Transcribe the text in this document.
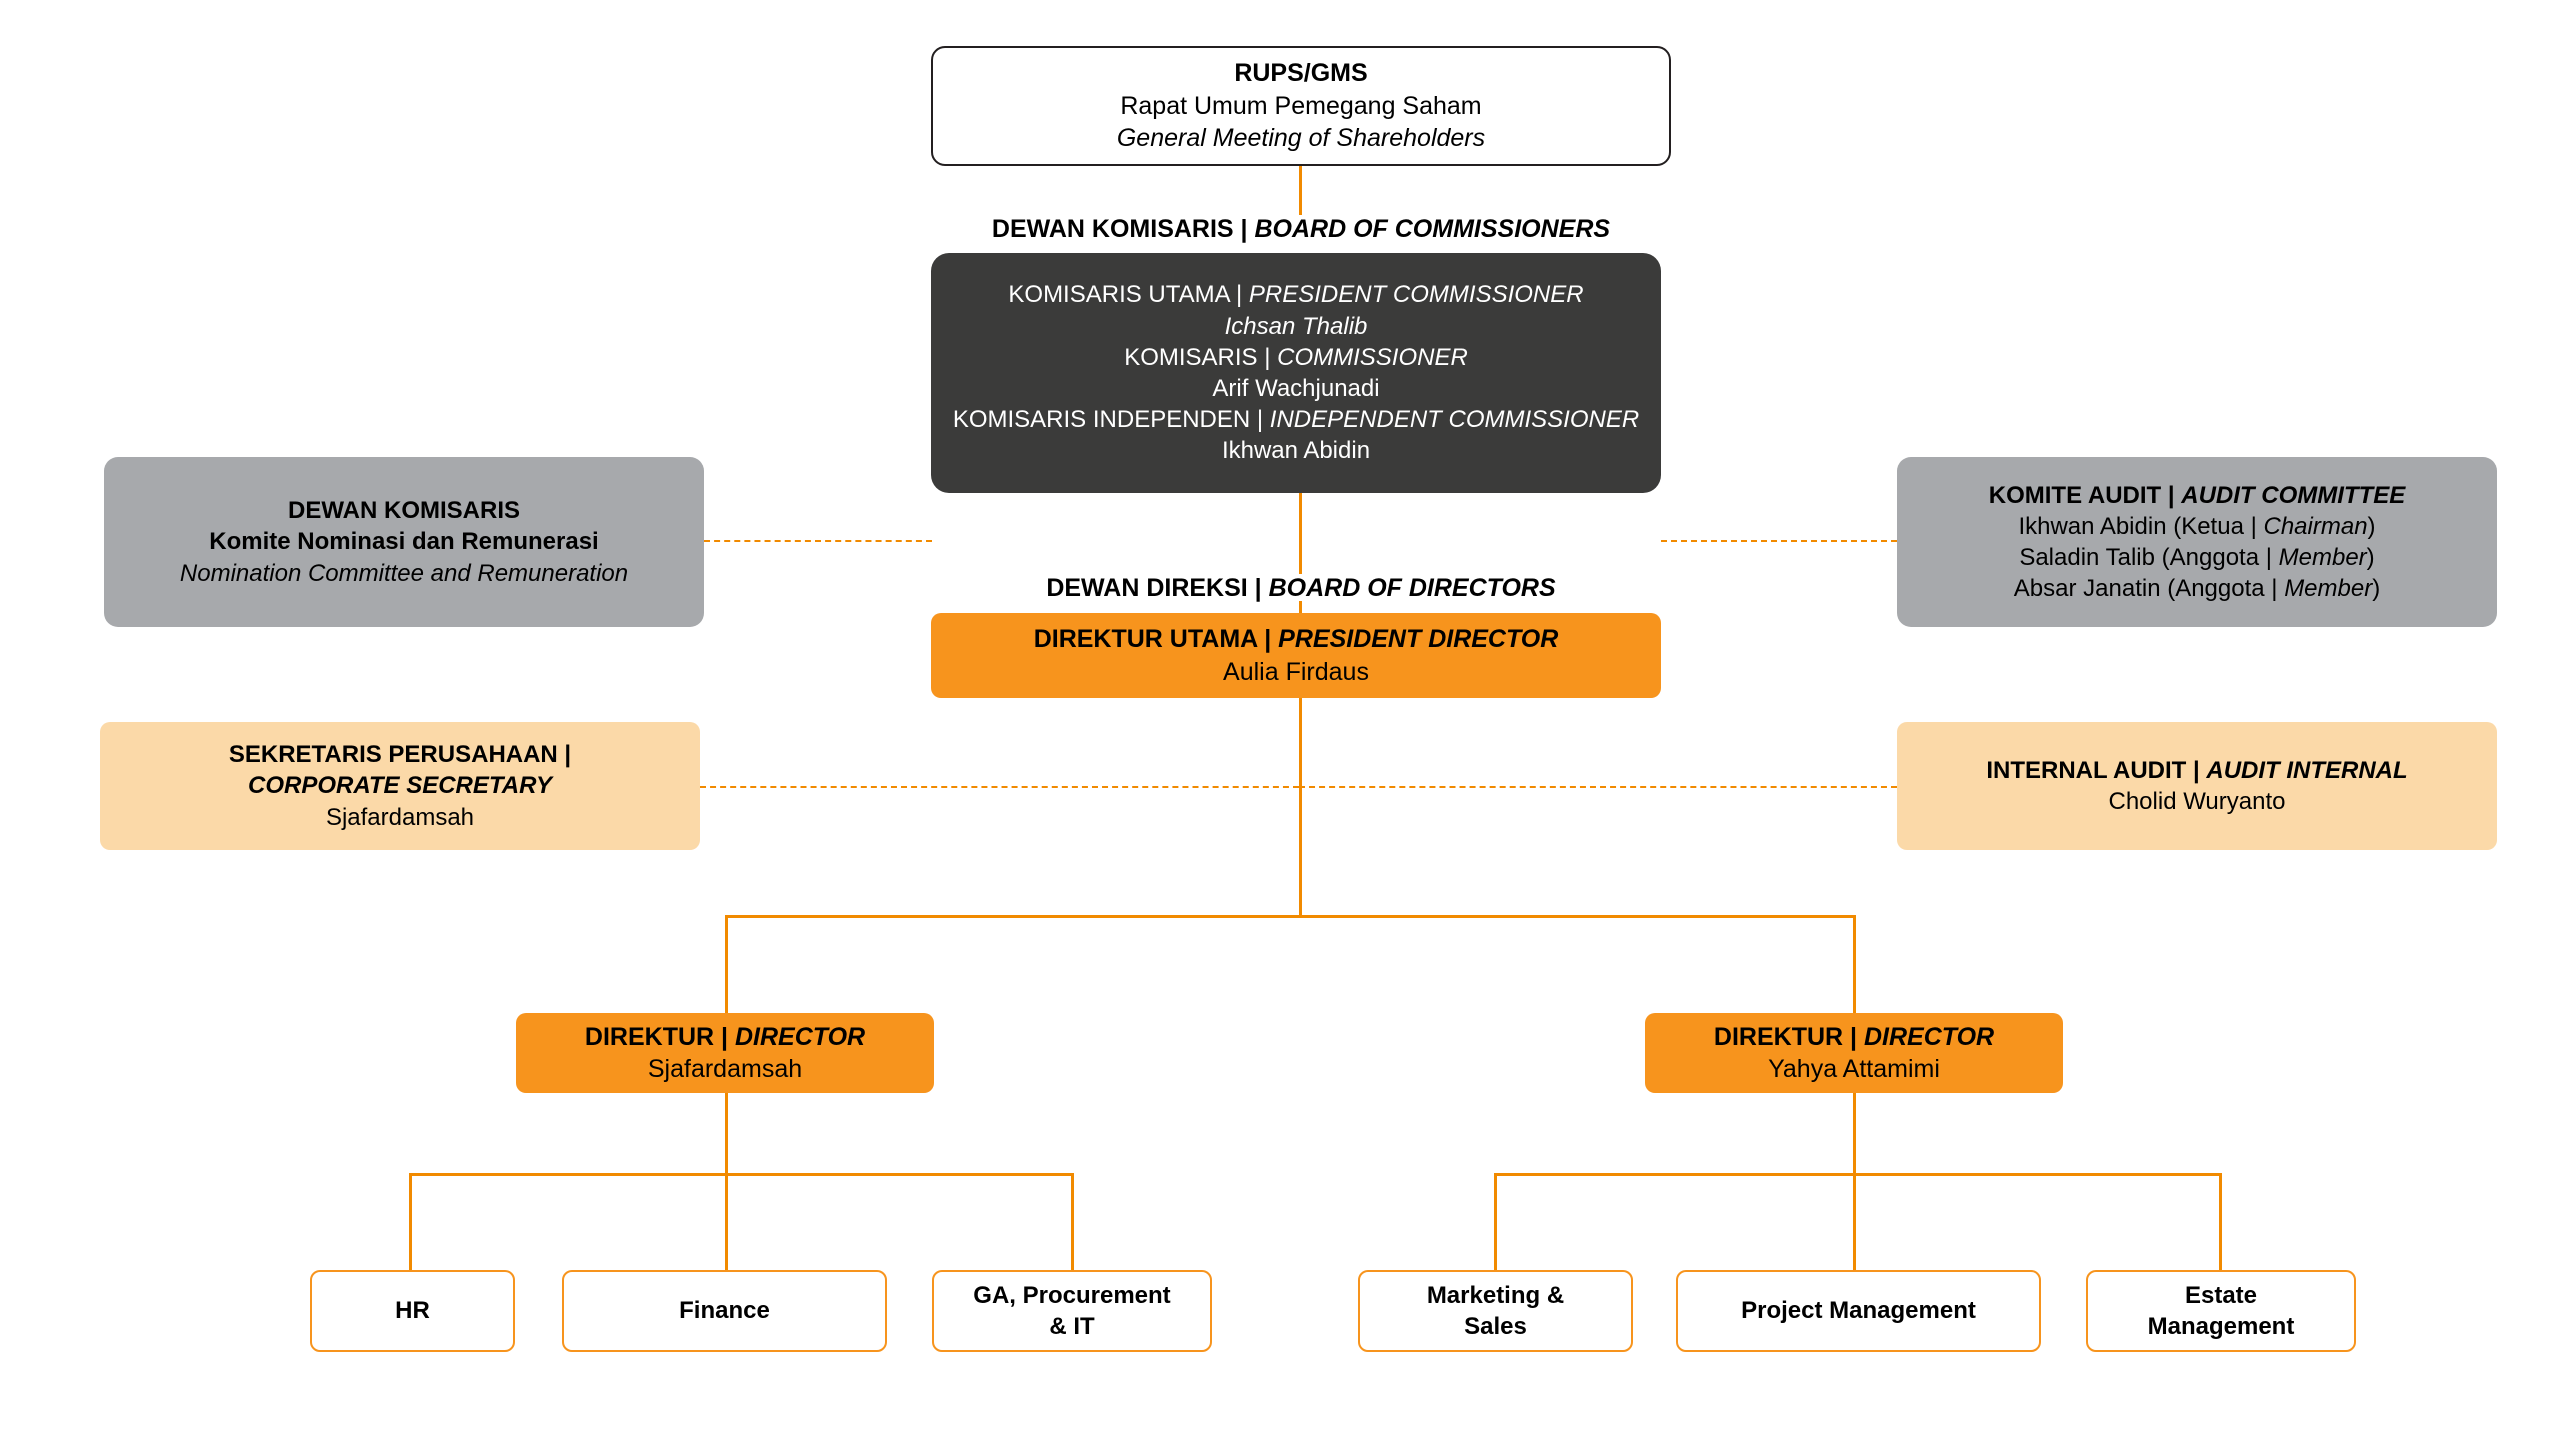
RUPS/GMS
Rapat Umum Pemegang Saham
General Meeting of Shareholders
DEWAN KOMISARIS | BOARD OF COMMISSIONERS
KOMISARIS UTAMA | PRESIDENT COMMISSIONER
Ichsan Thalib
KOMISARIS | COMMISSIONER
Arif Wachjunadi
KOMISARIS INDEPENDEN | INDEPENDENT COMMISSIONER
Ikhwan Abidin
DEWAN KOMISARIS
Komite Nominasi dan Remunerasi
Nomination Committee and Remuneration
KOMITE AUDIT | AUDIT COMMITTEE
Ikhwan Abidin (Ketua | Chairman)
Saladin Talib (Anggota | Member)
Absar Janatin (Anggota | Member)
DEWAN DIREKSI | BOARD OF DIRECTORS
DIREKTUR UTAMA | PRESIDENT DIRECTOR
Aulia Firdaus
SEKRETARIS PERUSAHAAN |
CORPORATE SECRETARY
Sjafardamsah
INTERNAL AUDIT | AUDIT INTERNAL
Cholid Wuryanto
DIREKTUR | DIRECTOR
Sjafardamsah
DIREKTUR | DIRECTOR
Yahya Attamimi
HR	Finance
GA, Procurement
& IT
Marketing &
Sales
Project Management
Estate
Management
